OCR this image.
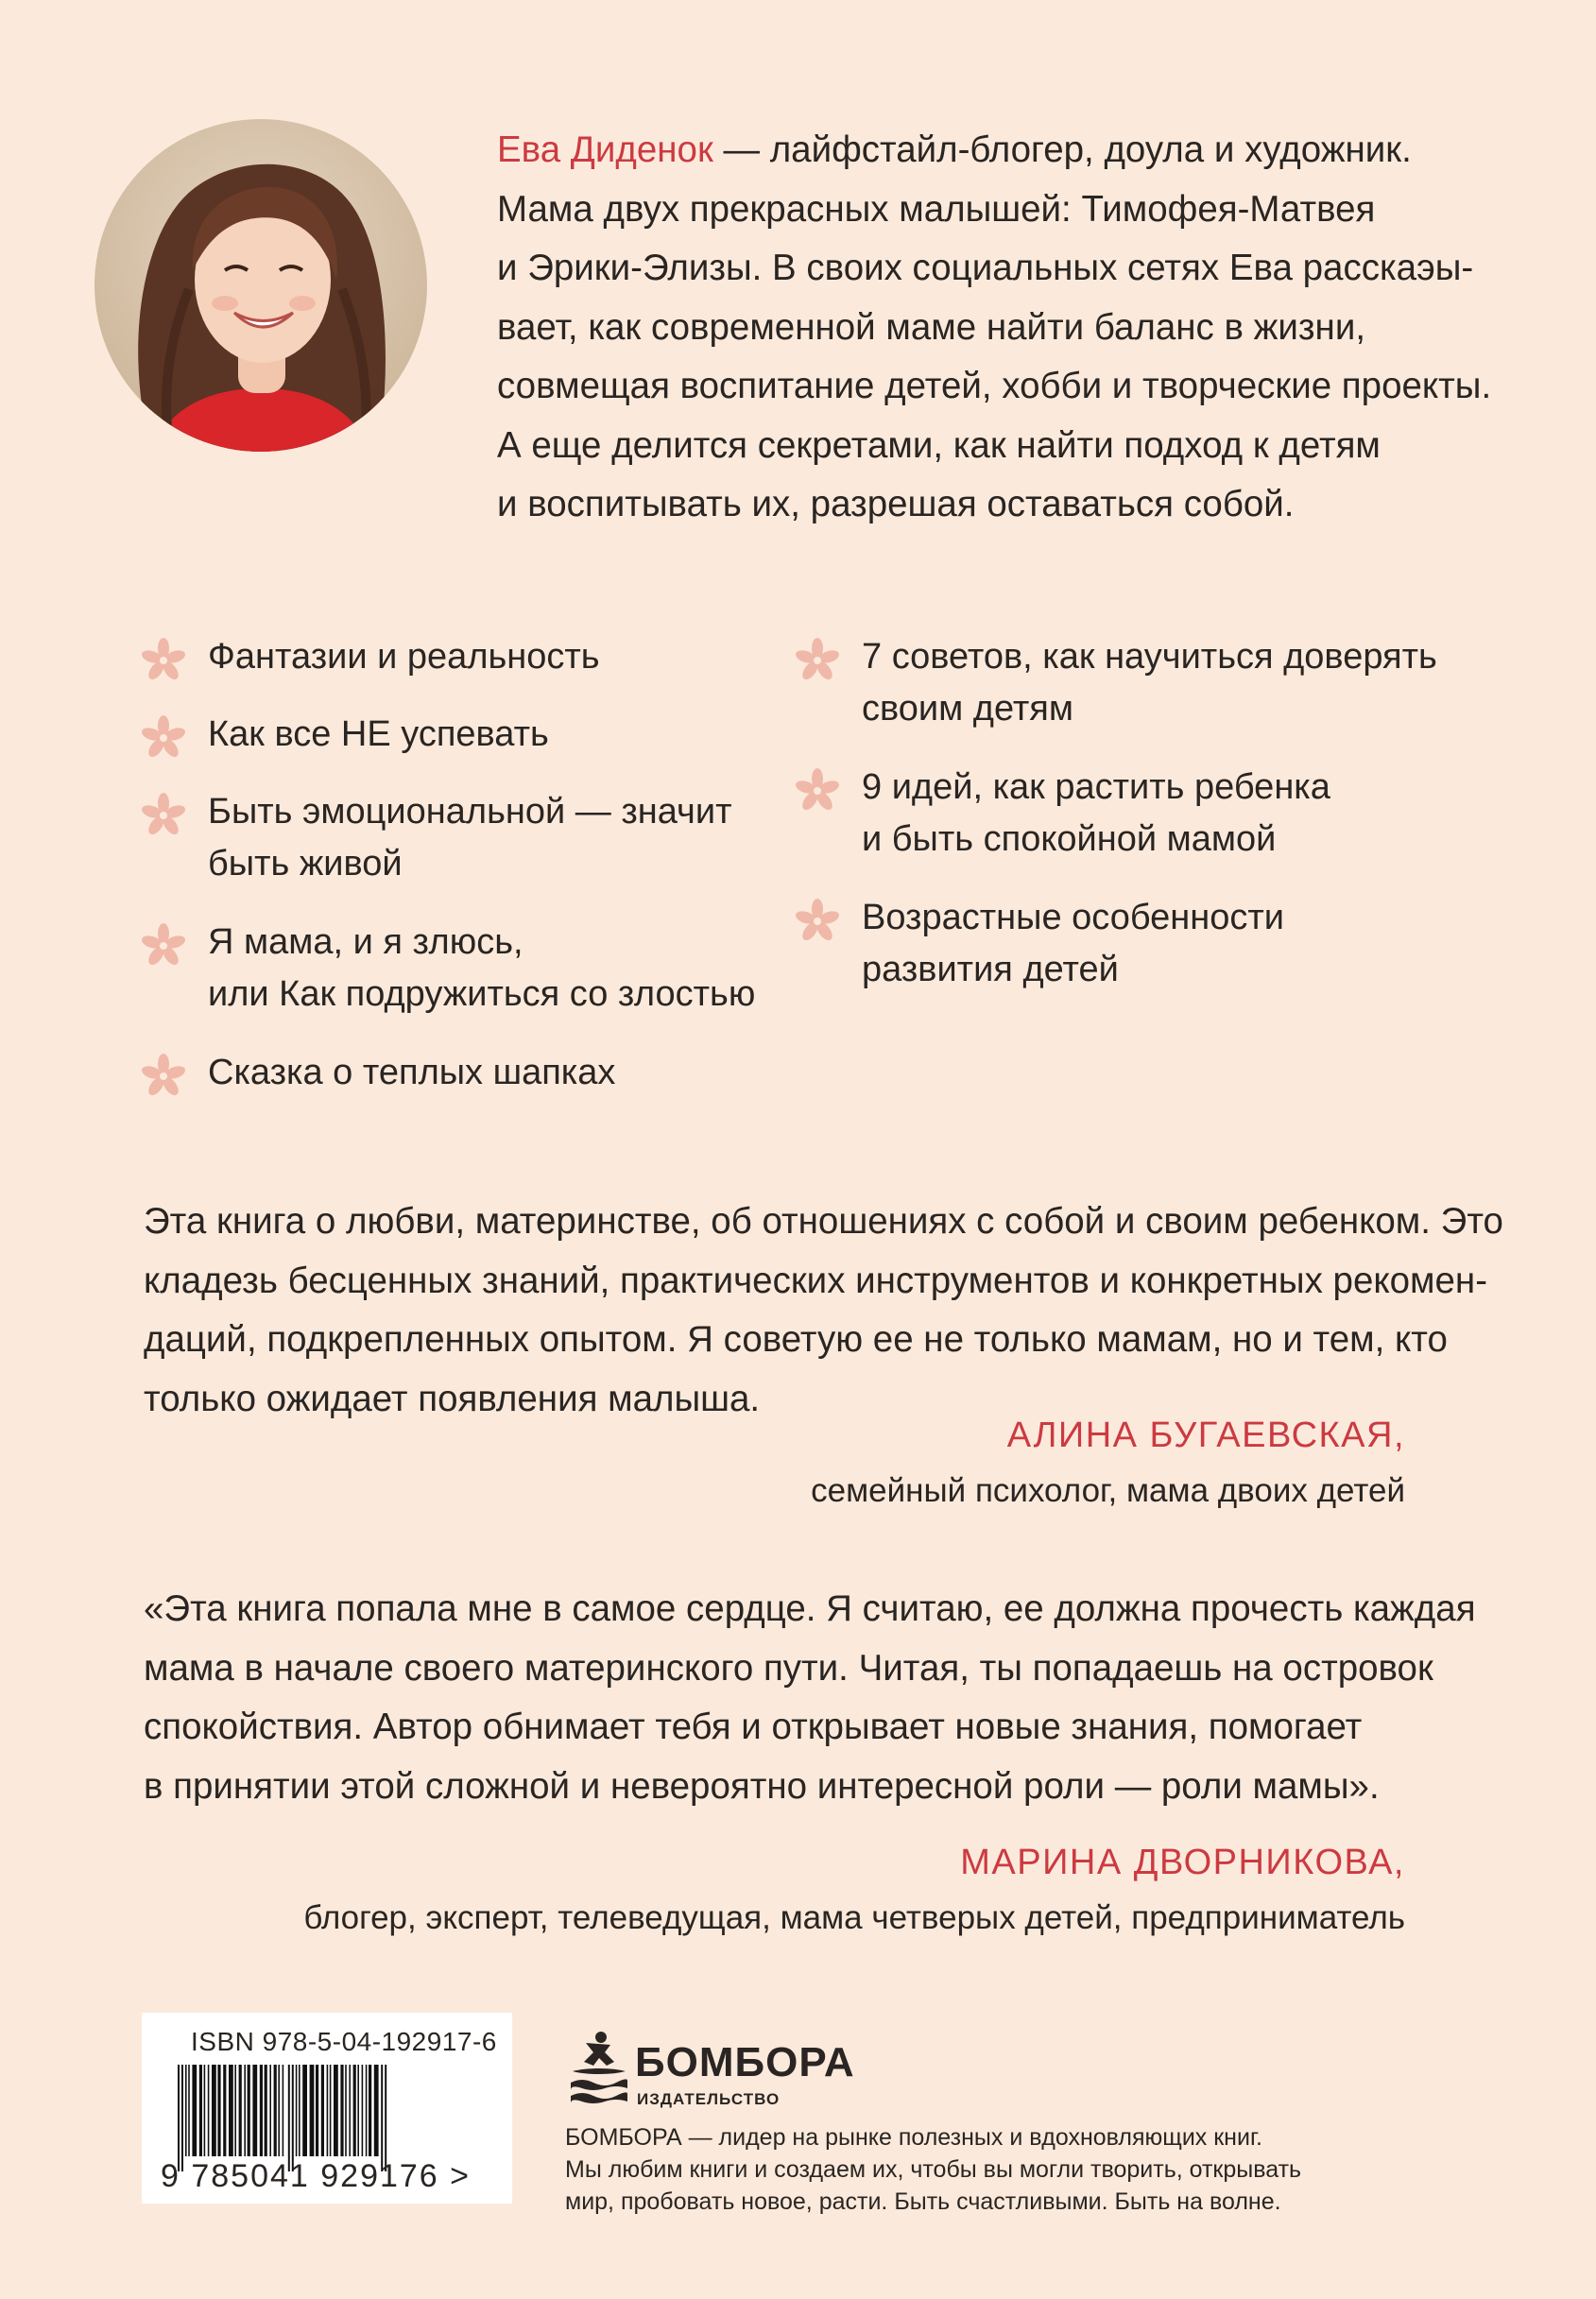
Ева Диденок — лайфстайл-блогер, доула и художник.
Мама двух прекрасных малышей: Тимофея-Матвея
и Эрики-Элизы. В своих социальных сетях Ева расскаэы-
вает, как современной маме найти баланс в жизни,
совмещая воспитание детей, хобби и творческие проекты.
А еще делится секретами, как найти подход к детям
и воспитывать их, разрешая оставаться собой.
Фантазии и реальность
Как все НЕ успевать
Быть эмоциональной — значит
быть живой
Я мама, и я злюсь,
или Как подружиться со злостью
Сказка о теплых шапках
7 советов, как научиться доверять
своим детям
9 идей, как растить ребенка
и быть спокойной мамой
Возрастные особенности
развития детей
Эта книга о любви, материнстве, об отношениях с собой и своим ребенком. Это
кладезь бесценных знаний, практических инструментов и конкретных рекомен-
даций, подкрепленных опытом. Я советую ее не только мамам, но и тем, кто
только ожидает появления малыша.
АЛИНА БУГАЕВСКАЯ,
семейный психолог, мама двоих детей
«Эта книга попала мне в самое сердце. Я считаю, ее должна прочесть каждая
мама в начале своего материнского пути. Читая, ты попадаешь на островок
спокойствия. Автор обнимает тебя и открывает новые знания, помогает
в принятии этой сложной и невероятно интересной роли — роли мамы».
МАРИНА ДВОРНИКОВА,
блогер, эксперт, телеведущая, мама четверых детей, предприниматель
ISBN 978-5-04-192917-6
9 785041 929176 >
БОМБОРА
ИЗДАТЕЛЬСТВО
БОМБОРА — лидер на рынке полезных и вдохновляющих книг.
Мы любим книги и создаем их, чтобы вы могли творить, открывать
мир, пробовать новое, расти. Быть счастливыми. Быть на волне.
